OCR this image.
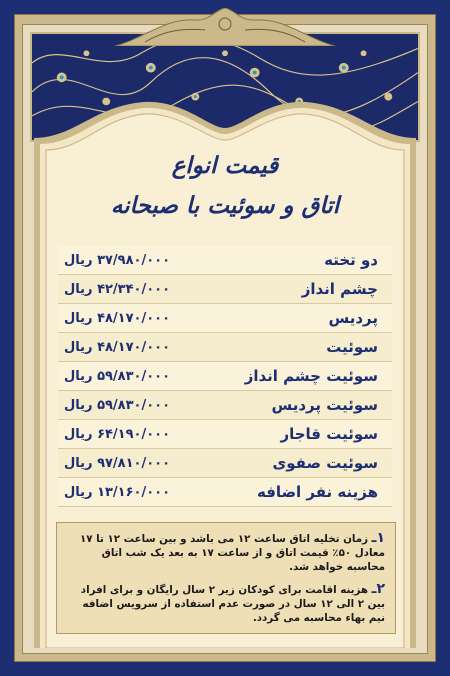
قیمت انواع
اتاق و سوئیت با صبحانه
دو تخته
۳۷/۹۸۰/۰۰۰ ریال
چشم انداز
۴۲/۳۴۰/۰۰۰ ریال
پردیس
۴۸/۱۷۰/۰۰۰ ریال
سوئیت
۴۸/۱۷۰/۰۰۰ ریال
سوئیت چشم انداز
۵۹/۸۳۰/۰۰۰ ریال
سوئیت پردیس
۵۹/۸۳۰/۰۰۰ ریال
سوئیت قاجار
۶۴/۱۹۰/۰۰۰ ریال
سوئیت صفوی
۹۷/۸۱۰/۰۰۰ ریال
هزینه نفر اضافه
۱۳/۱۶۰/۰۰۰ ریال

۱ـ زمان تخلیه اتاق ساعت ۱۲ می باشد و بین ساعت ۱۲ تا ۱۷ معادل ۵۰٪ قیمت اتاق و از ساعت ۱۷ به بعد یک شب اتاق محاسبه خواهد شد.

۲ـ هزینه اقامت برای کودکان زیر ۲ سال رایگان و برای افراد بین ۲ الی ۱۲ سال در صورت عدم استفاده از سرویس اضافه نیم بهاء محاسبه می گردد.
